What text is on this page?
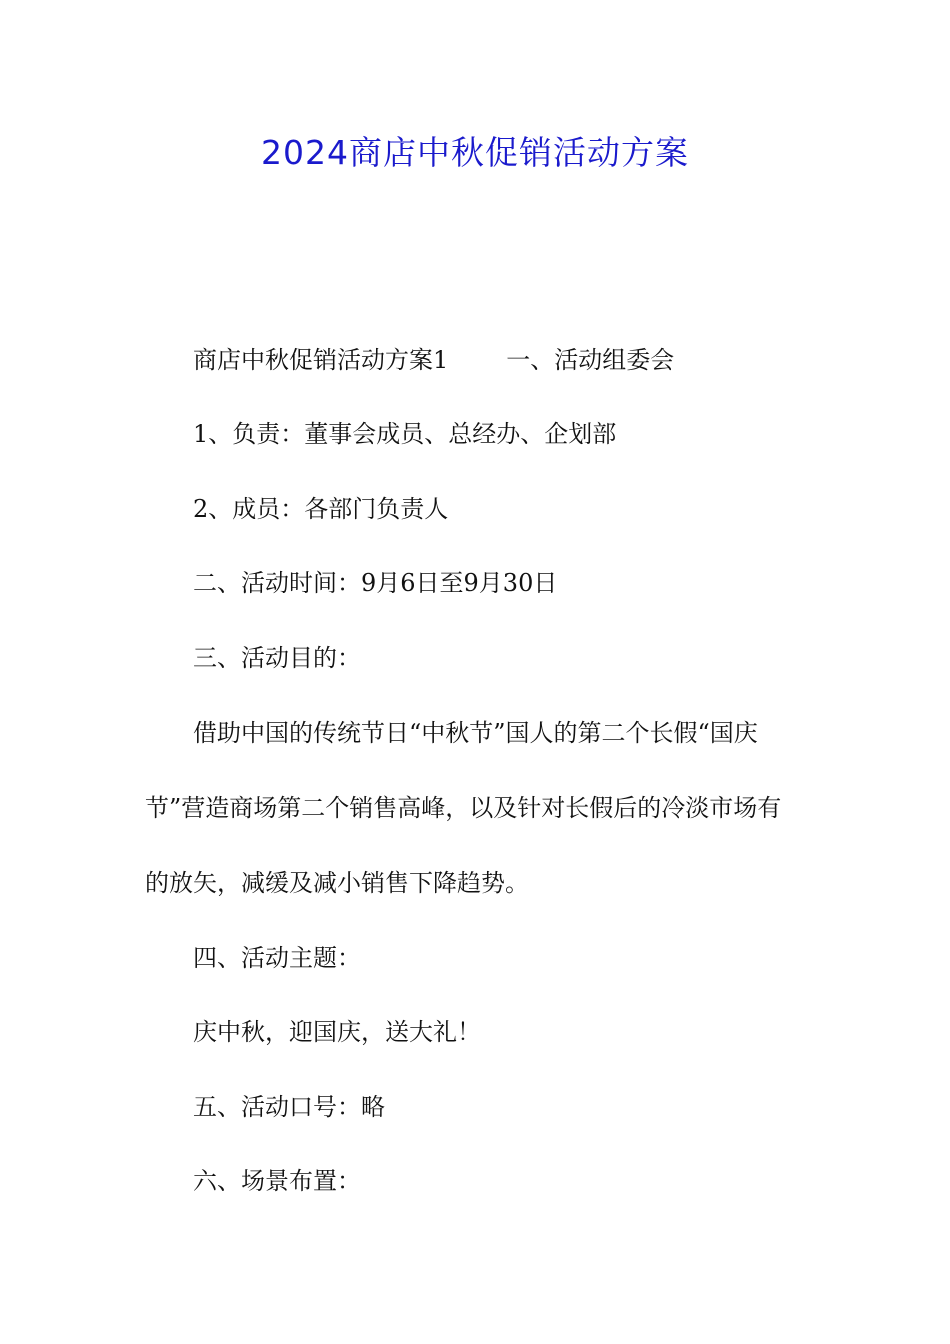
2024商店中秋促销活动方案
商店中秋促销活动方案1 一、活动组委会
1、负责：董事会成员、总经办、企划部
2、成员：各部门负责人
二、活动时间：9月6日至9月30日
三、活动目的：
借助中国的传统节日“中秋节”国人的第二个长假“国庆
节”营造商场第二个销售高峰，以及针对长假后的冷淡市场有
的放矢，减缓及减小销售下降趋势。
四、活动主题：
庆中秋，迎国庆，送大礼！
五、活动口号：略
六、场景布置：
